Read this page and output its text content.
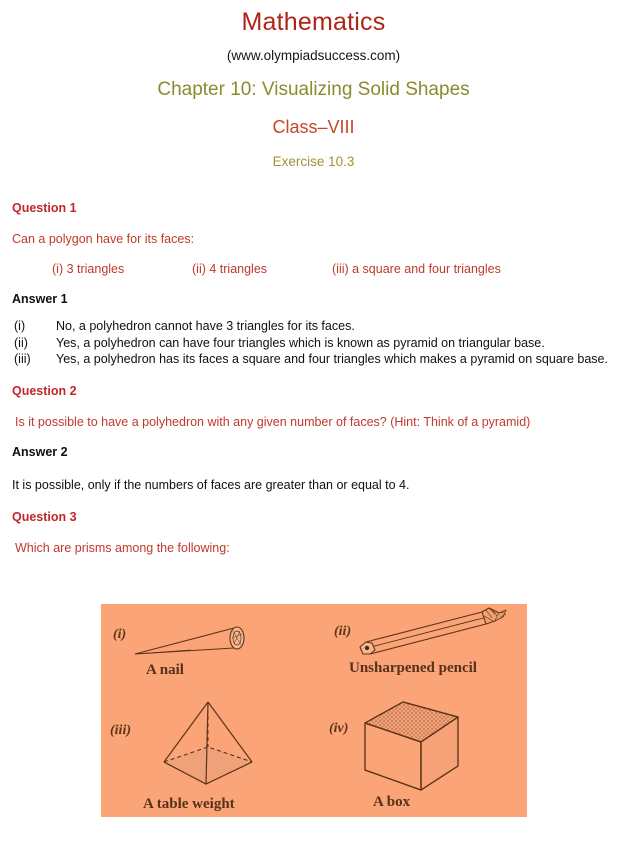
Mathematics
(www.olympiadsuccess.com)
Chapter 10: Visualizing Solid Shapes
Class–VIII
Exercise 10.3
Question 1
Can a polygon have for its faces:
(i) 3 triangles	(ii) 4 triangles	(iii) a square and four triangles
Answer 1
(i)	No, a polyhedron cannot have 3 triangles for its faces.
(ii)	Yes, a polyhedron can have four triangles which is known as pyramid on triangular base.
(iii)	Yes, a polyhedron has its faces a square and four triangles which makes a pyramid on square base.
Question 2
Is it possible to have a polyhedron with any given number of faces? (Hint: Think of a pyramid)
Answer 2
It is possible, only if the numbers of faces are greater than or equal to 4.
Question 3
Which are prisms among the following:
(i)
A nail
(ii)
Unsharpened pencil
(iii)
A table weight
(iv)
A box
